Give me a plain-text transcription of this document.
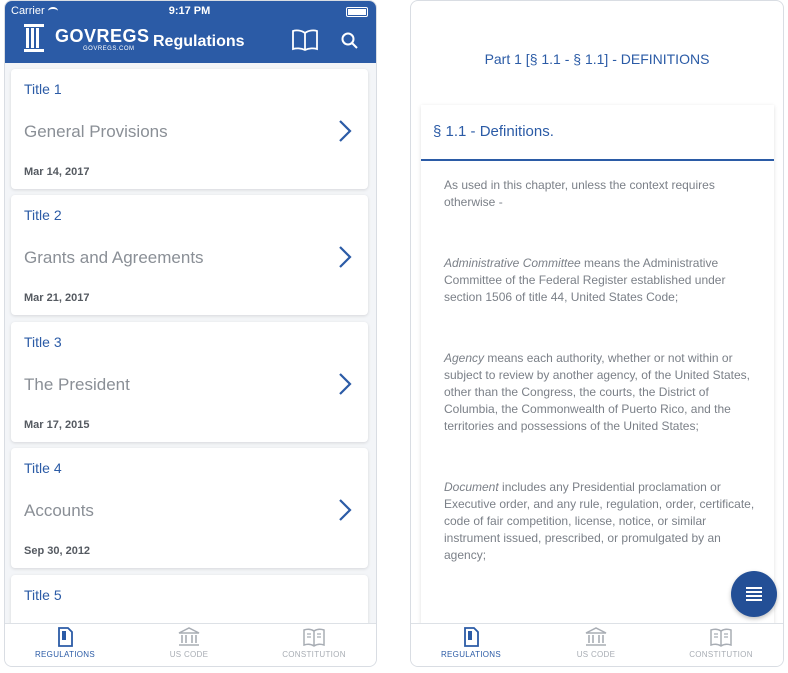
Carrier	9:17 PM
GOVREGS
GOVREGS.COM Regulations
Title 1
General Provisions
Mar 14, 2017
Title 2
Grants and Agreements
Mar 21, 2017
Title 3
The President
Mar 17, 2015
Title 4
Accounts
Sep 30, 2012
Title 5
REGULATIONS	US CODE	CONSTITUTION
Part 1 [§ 1.1 - § 1.1] - DEFINITIONS
§ 1.1 - Definitions.

As used in this chapter, unless the context requires otherwise -

Administrative Committee means the Administrative Committee of the Federal Register established under section 1506 of title 44, United States Code;

Agency means each authority, whether or not within or subject to review by another agency, of the United States, other than the Congress, the courts, the District of Columbia, the Commonwealth of Puerto Rico, and the territories and possessions of the United States;

Document includes any Presidential proclamation or Executive order, and any rule, regulation, order, certificate, code of fair competition, license, notice, or similar instrument issued, prescribed, or promulgated by an agency;

REGULATIONS	US CODE	CONSTITUTION
